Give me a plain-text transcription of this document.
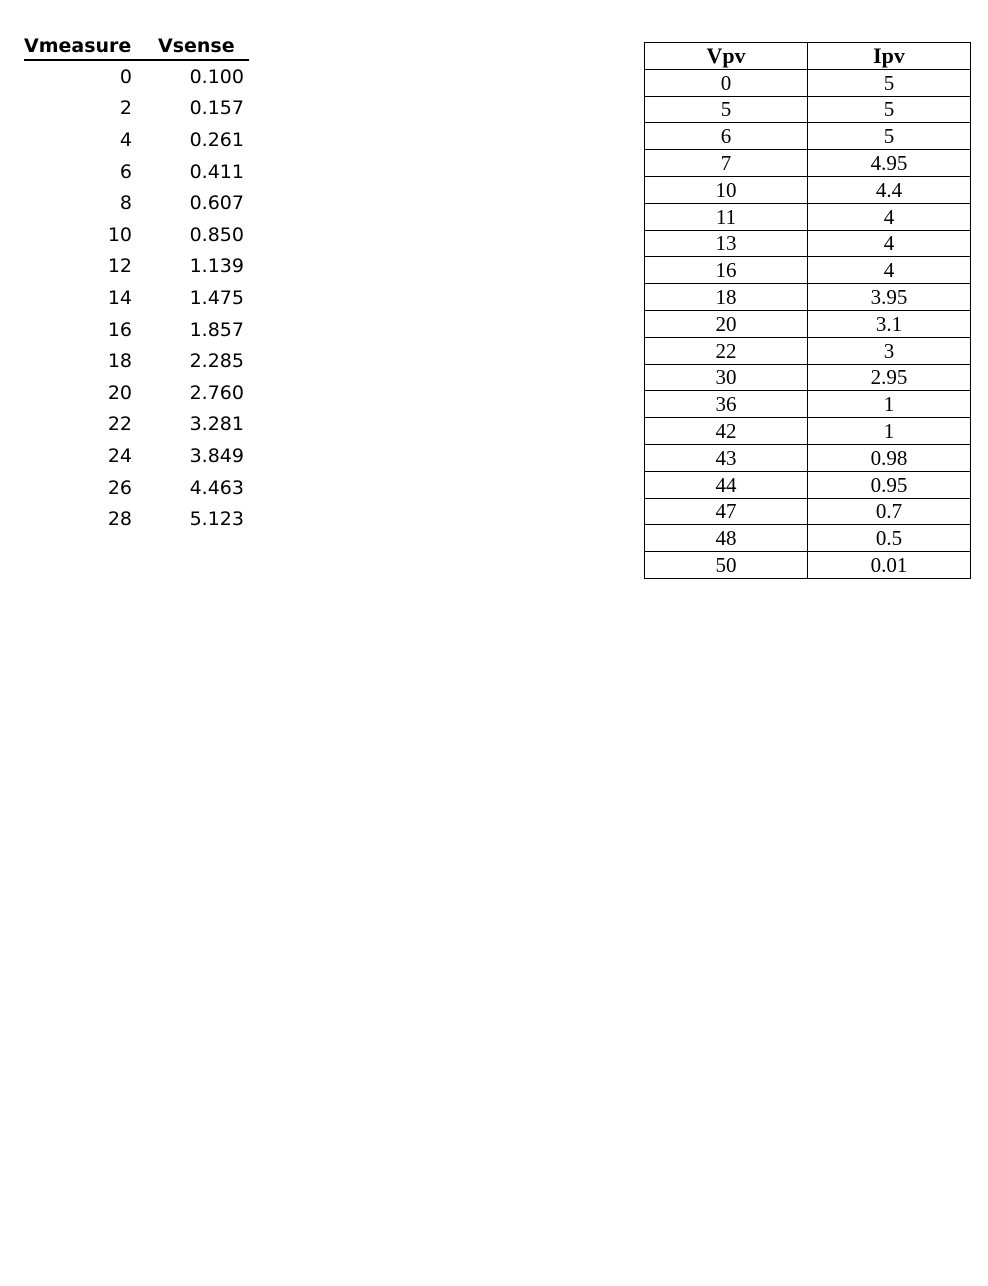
Vmeasure	Vsense
0	0.100
2	0.157
4	0.261
6	0.411
8	0.607
10	0.850
12	1.139
14	1.475
16	1.857
18	2.285
20	2.760
22	3.281
24	3.849
26	4.463
28	5.123
Vpv	Ipv
0	5
5	5
6	5
7	4.95
10	4.4
11	4
13	4
16	4
18	3.95
20	3.1
22	3
30	2.95
36	1
42	1
43	0.98
44	0.95
47	0.7
48	0.5
50	0.01
